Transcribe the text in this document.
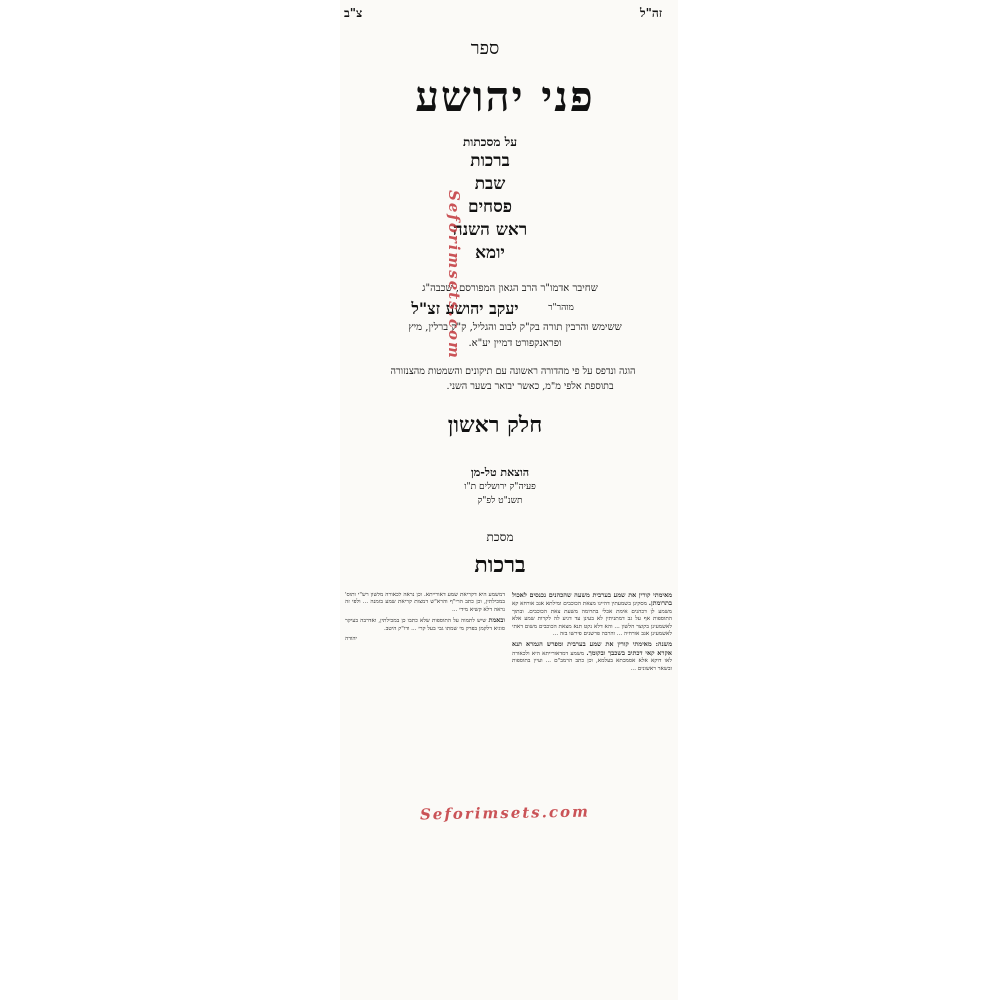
צ"ב	זה"ל
ספר
פני יהושע
על מסכתות
ברכות
שבת
פסחים
ראש השנה
יומא
שחיבר אדמו"ר הרב הגאון המפורסם, שכבה"ג
יעקב יהושע זצ"ל	מוהר"ר
ששימש והרבין תורה בק"ק לבוב והגליל, ק"ק ברלין, מיץ
ופראנקפורט דמיין יע"א.
הוגה ונדפס על פי מהדורה ראשונה עם תיקונים והשמטות מהצנזורה
בתוספת אלפי מ"מ, כאשר יבואר בשער השני.
חלק ראשון
הוצאת טל-מן
פעיה"ק ירושלים ת"ו
תשנ"ט לפ"ק
מסכת
ברכות
Seforimsets.com
Seforimsets.com

מאימתי קורין את שמע בערבית משעה שהכהנים נכנסים לאכול בתרומתן. מסקינן בשמעתין דהיינו מצאת הכוכבים ומילתא אגב אורחא קא משמע לן דכהנים אימת אכלי בתרומה משעת צאת הכוכבים. ובתוך התוספות אף על גב דמתניתין לא בעינן עד דגיע לה לקרות שמע אלא לאשמעינן בקוצר הלשון ... והא דלא נקט תנא מצאת הכוכבים משום דאתי לאשמעינן אגב אורחיה ... והרבה פרשנים פירשו בזה ...

משנה: מאימתי קורין את שמע בערבית ומפרש הגמרא תנא אקרא קאי דכתיב בשכבך ובקומך. משמע דמדאורייתא היא ולכאורה לאו דוקא אלא אסמכתא בעלמא, וכן כתב הרמב"ם ... ועיין בתוספות ובשאר ראשונים ...

דמשמע היא דקריאת שמע דאורייתא. וכן נראה לכאורה מלשון רש"י ותוס' במכילתין, וכן כתב הרי"ף והרא"ש דמצות קריאת שמע בזמנה ... ולפי זה נראה דלא קשיא מידי ...

ובאמת שיש לתמוה על התוספות שלא כתבו כן במכילתין, ואדרבה בעיקר סוגיא דלקמן בפרק מי שמתו גבי בעל קרי ... ודו"ק היטב.

יהודה
